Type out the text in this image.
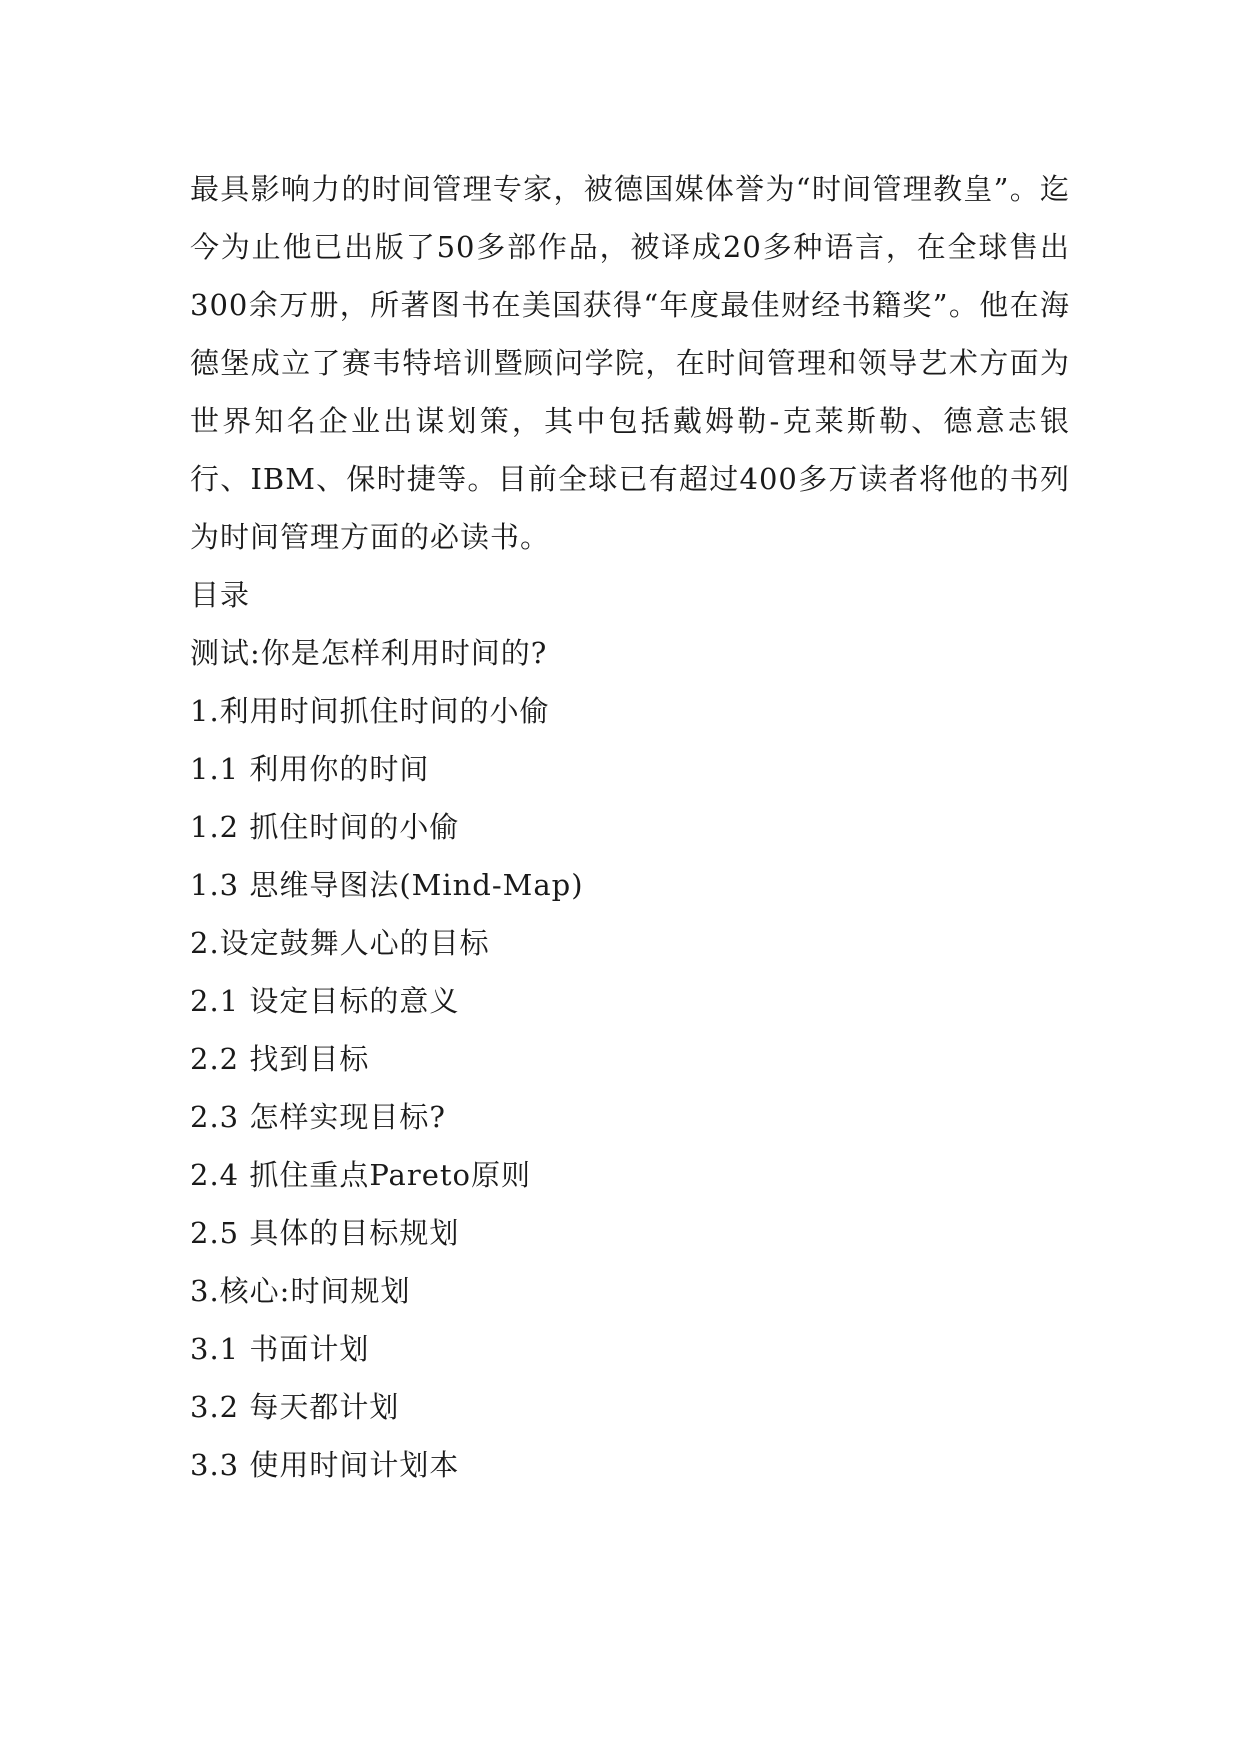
最具影响力的时间管理专家，被德国媒体誉为“时间管理教皇”。迄今为止他已出版了50多部作品，被译成20多种语言，在全球售出300余万册，所著图书在美国获得“年度最佳财经书籍奖”。他在海德堡成立了赛韦特培训暨顾问学院，在时间管理和领导艺术方面为世界知名企业出谋划策，其中包括戴姆勒-克莱斯勒、德意志银行、IBM、保时捷等。目前全球已有超过400多万读者将他的书列为时间管理方面的必读书。

目录

测试:你是怎样利用时间的?
1.利用时间抓住时间的小偷
1.1 利用你的时间
1.2 抓住时间的小偷
1.3 思维导图法(Mind-Map)
2.设定鼓舞人心的目标
2.1 设定目标的意义
2.2 找到目标
2.3 怎样实现目标?
2.4 抓住重点Pareto原则
2.5 具体的目标规划
3.核心:时间规划
3.1 书面计划
3.2 每天都计划
3.3 使用时间计划本
